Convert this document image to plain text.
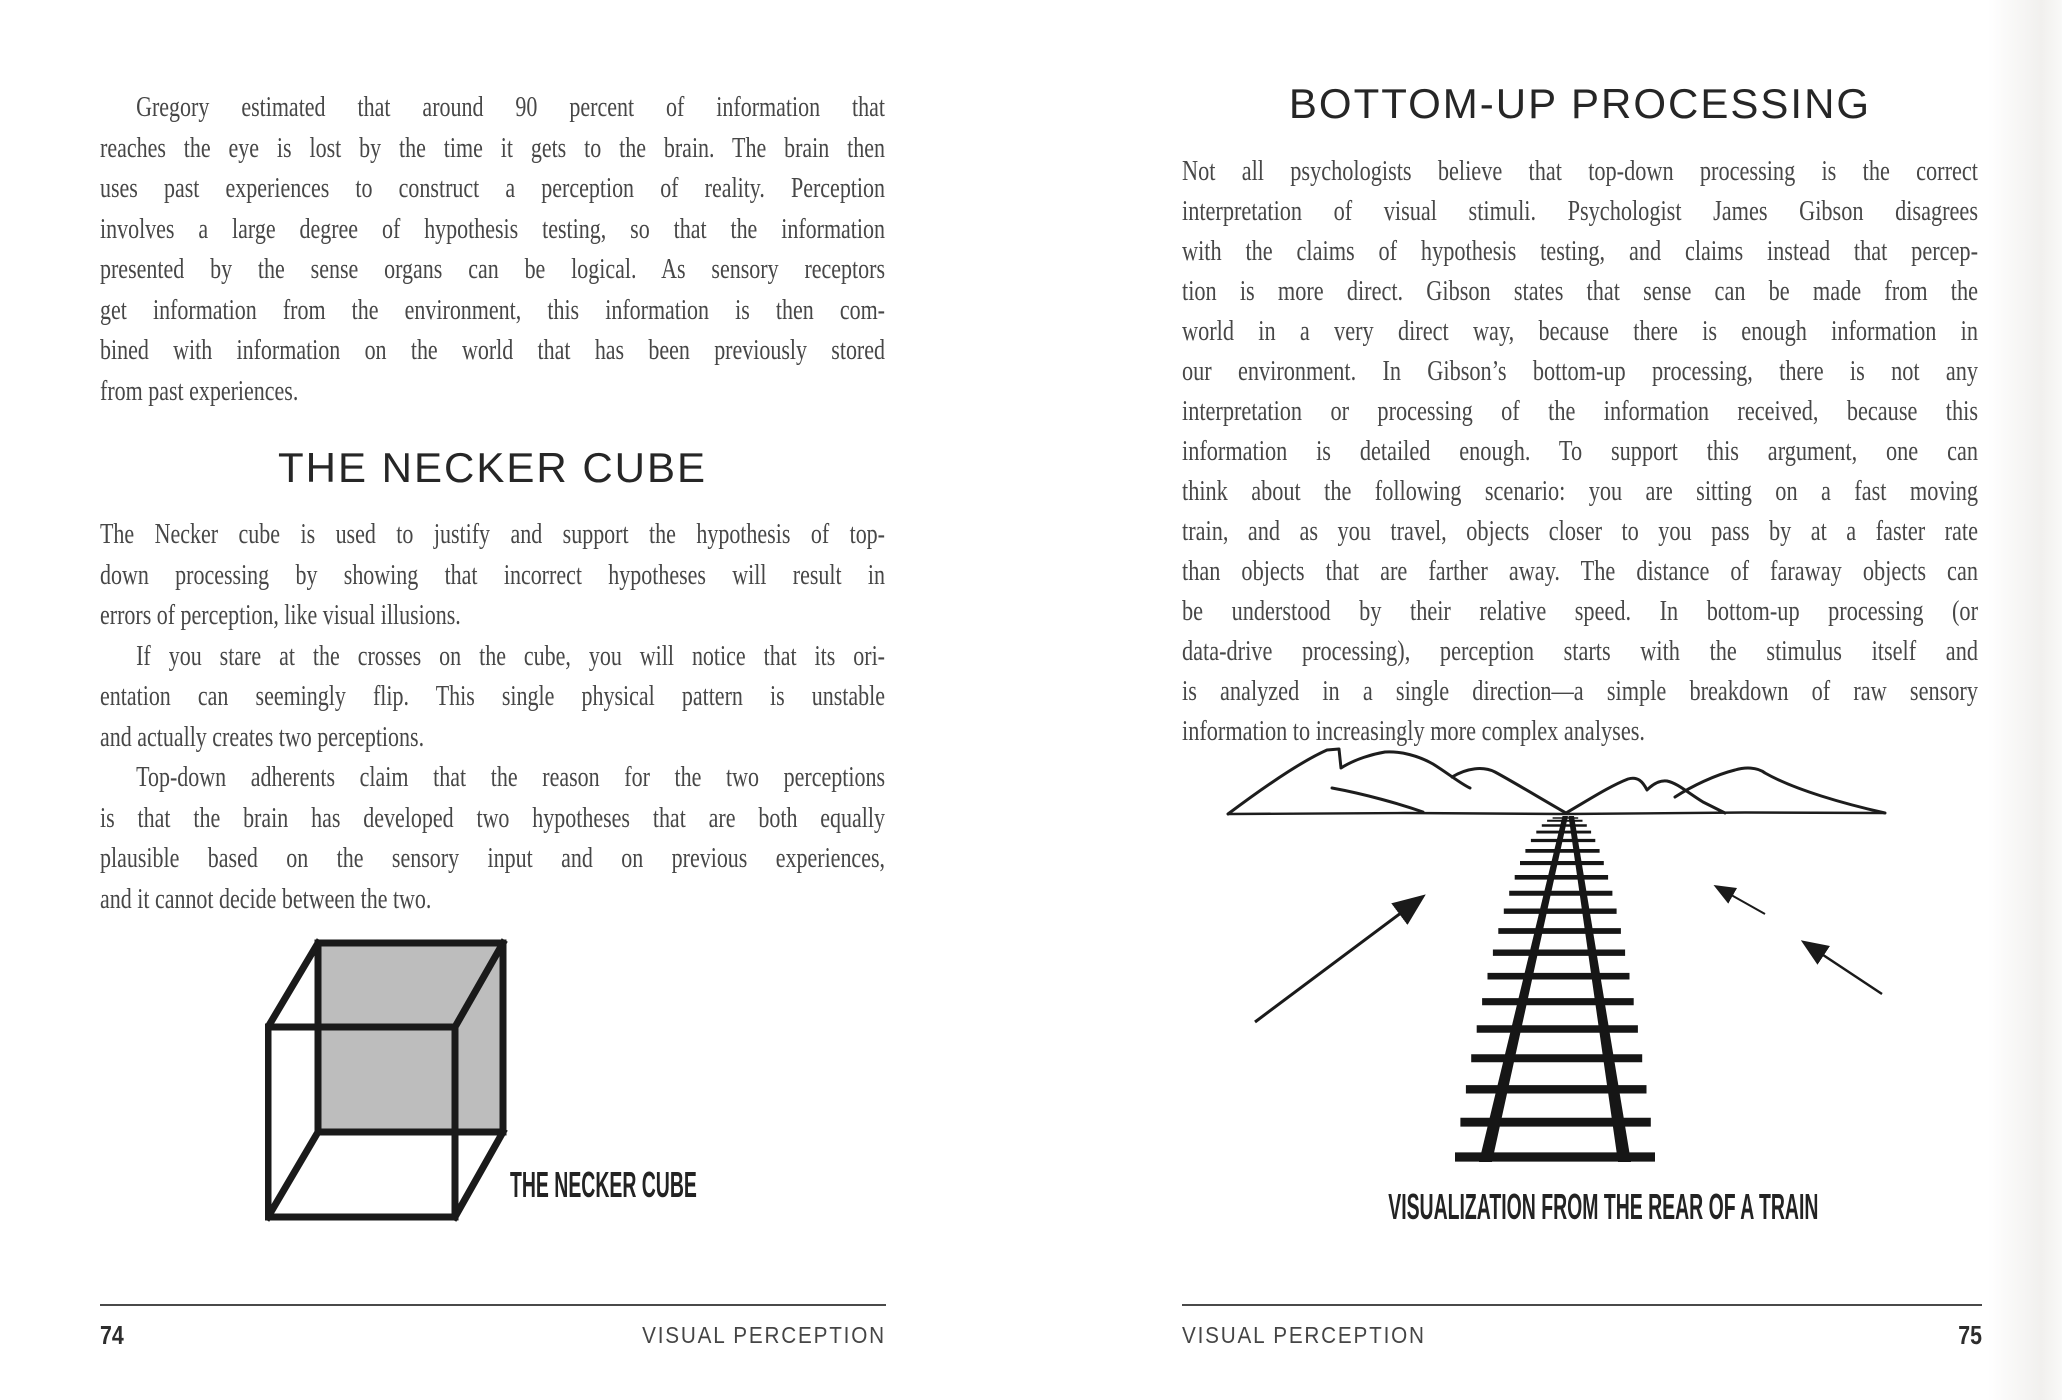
Gregory estimated that around 90 percent of information that
reaches the eye is lost by the time it gets to the brain. The brain then
uses past experiences to construct a perception of reality. Perception
involves a large degree of hypothesis testing, so that the information
presented by the sense organs can be logical. As sensory receptors
get information from the environment, this information is then com-
bined with information on the world that has been previously stored
from past experiences.
THE NECKER CUBE
The Necker cube is used to justify and support the hypothesis of top-
down processing by showing that incorrect hypotheses will result in
errors of perception, like visual illusions.
If you stare at the crosses on the cube, you will notice that its ori-
entation can seemingly flip. This single physical pattern is unstable
and actually creates two perceptions.
Top-down adherents claim that the reason for the two perceptions
is that the brain has developed two hypotheses that are both equally
plausible based on the sensory input and on previous experiences,
and it cannot decide between the two.
THE NECKER CUBE
74	VISUAL PERCEPTION
BOTTOM-UP PROCESSING
Not all psychologists believe that top-down processing is the correct
interpretation of visual stimuli. Psychologist James Gibson disagrees
with the claims of hypothesis testing, and claims instead that percep-
tion is more direct. Gibson states that sense can be made from the
world in a very direct way, because there is enough information in
our environment. In Gibson’s bottom-up processing, there is not any
interpretation or processing of the information received, because this
information is detailed enough. To support this argument, one can
think about the following scenario: you are sitting on a fast moving
train, and as you travel, objects closer to you pass by at a faster rate
than objects that are farther away. The distance of faraway objects can
be understood by their relative speed. In bottom-up processing (or
data-drive processing), perception starts with the stimulus itself and
is analyzed in a single direction—a simple breakdown of raw sensory
information to increasingly more complex analyses.
VISUALIZATION FROM THE REAR OF A TRAIN
VISUAL PERCEPTION	75
